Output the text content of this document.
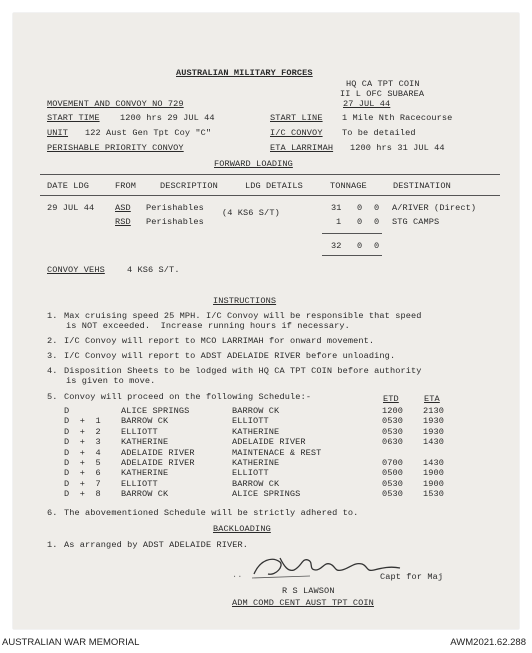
AUSTRALIAN MILITARY FORCES
HQ CA TPT COIN
II L OFC SUBAREA
27 JUL 44
MOVEMENT AND CONVOY NO 729
START TIME 1200 hrs 29 JUL 44
UNIT 122 Aust Gen Tpt Coy "C"
PERISHABLE PRIORITY CONVOY
START LINE 1 Mile Nth Racecourse
I/C CONVOY To be detailed
ETA LARRIMAH 1200 hrs 31 JUL 44
FORWARD LOADING
DATE LDG	FROM	DESCRIPTION	LDG DETAILS	TONNAGE	DESTINATION
29 JUL 44 ASD Perishables (4 KS6 S/T)	31 0 0 A/RIVER (Direct)
RSD Perishables	1 0 0 STG CAMPS
32 0 0
CONVOY VEHS	4 KS6 S/T.
INSTRUCTIONS
1. Max cruising speed 25 MPH. I/C Convoy will be responsible that speed
is NOT exceeded.  Increase running hours if necessary.
2. I/C Convoy will report to MCO LARRIMAH for onward movement.
3. I/C Convoy will report to ADST ADELAIDE RIVER before unloading.
4. Disposition Sheets to be lodged with HQ CA TPT COIN before authority
is given to move.
5. Convoy will proceed on the following Schedule:-	ETD	ETA
D	ALICE SPRINGS	BARROW CK	1200 2130
D  +  1 BARROW CK	ELLIOTT	0530 1930
D  +  2 ELLIOTT	KATHERINE	0530 1930
D  +  3 KATHERINE	ADELAIDE RIVER	0630 1430
D  +  4 ADELAIDE RIVER	MAINTENACE & REST
D  +  5 ADELAIDE RIVER	KATHERINE	0700 1430
D  +  6 KATHERINE	ELLIOTT	0500 1900
D  +  7 ELLIOTT	BARROW CK	0530 1900
D  +  8 BARROW CK	ALICE SPRINGS	0530 1530
6. The abovementioned Schedule will be strictly adhered to.
BACKLOADING
1. As arranged by ADST ADELAIDE RIVER.
..	Capt for Maj
R S LAWSON
ADM COMD CENT AUST TPT COIN
AUSTRALIAN WAR MEMORIAL	AWM2021.62.288
